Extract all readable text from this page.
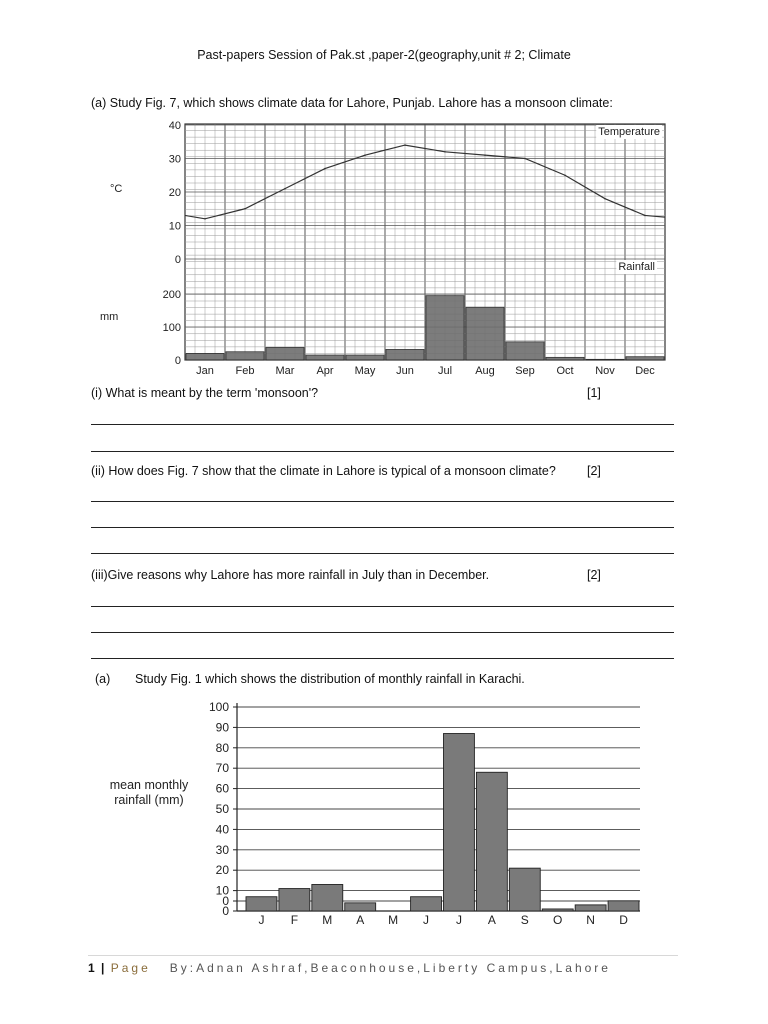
Past-papers Session of Pak.st ,paper-2(geography,unit # 2; Climate
(a) Study Fig. 7, which shows climate data for Lahore, Punjab. Lahore has a monsoon climate:
40
30
20
10
0
200
100
0
°C
mm
Temperature
Rainfall
Jan Feb Mar Apr May Jun Jul Aug Sep Oct Nov Dec
(i) What is meant by the term 'monsoon'?	[1]
(ii) How does Fig. 7 show that the climate in Lahore is typical of a monsoon climate? [2]
(iii)Give reasons why Lahore has more rainfall in July than in December.	[2]
(a) Study Fig. 1 which shows the distribution of monthly rainfall in Karachi.
100
90
80
70
60
50
40
30
20
10
0
0
mean monthly
rainfall (mm)
J F M A M J J A S O N D
1 | Page By:Adnan Ashraf,Beaconhouse,Liberty Campus,Lahore
